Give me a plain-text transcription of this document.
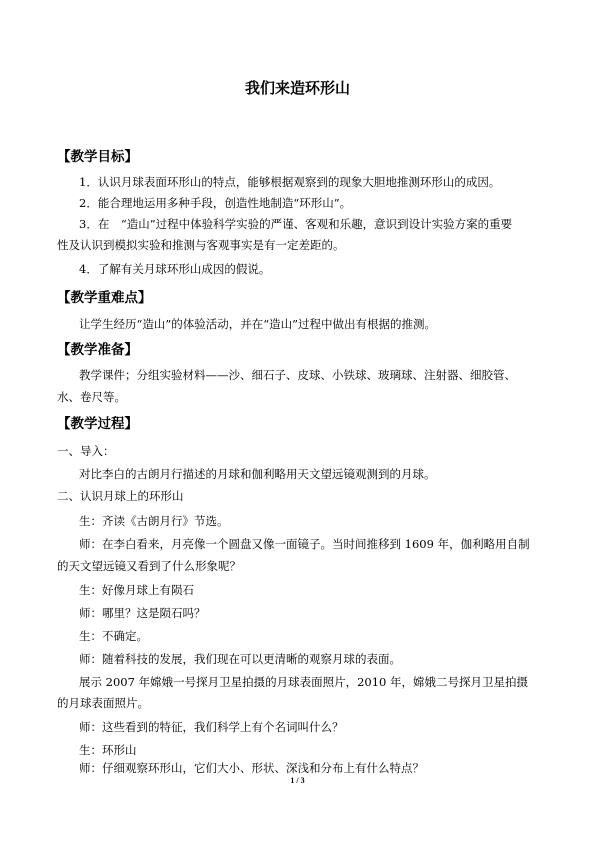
我们来造环形山
【教学目标】
1．认识月球表面环形山的特点，能够根据观察到的现象大胆地推测环形山的成因。
2．能合理地运用多种手段，创造性地制造“环形山”。
3．在　“造山”过程中体验科学实验的严谨、客观和乐趣，意识到设计实验方案的重要
性及认识到模拟实验和推测与客观事实是有一定差距的。
4．了解有关月球环形山成因的假说。
【教学重难点】
让学生经历“造山”的体验活动，并在“造山”过程中做出有根据的推测。
【教学准备】
教学课件；分组实验材料——沙、细石子、皮球、小铁球、玻璃球、注射器、细胶管、
水、卷尺等。
【教学过程】
一、导入：
对比李白的古朗月行描述的月球和伽利略用天文望远镜观测到的月球。
二、认识月球上的环形山
生：齐读《古朗月行》节选。
师：在李白看来，月亮像一个圆盘又像一面镜子。当时间推移到 1609 年，伽利略用自制
的天文望远镜又看到了什么形象呢？
生：好像月球上有陨石
师：哪里？这是陨石吗？
生：不确定。
师：随着科技的发展，我们现在可以更清晰的观察月球的表面。
展示 2007 年嫦娥一号探月卫星拍摄的月球表面照片，2010 年，嫦娥二号探月卫星拍摄
的月球表面照片。
师：这些看到的特征，我们科学上有个名词叫什么？
生：环形山
师：仔细观察环形山，它们大小、形状、深浅和分布上有什么特点？
1 / 3
